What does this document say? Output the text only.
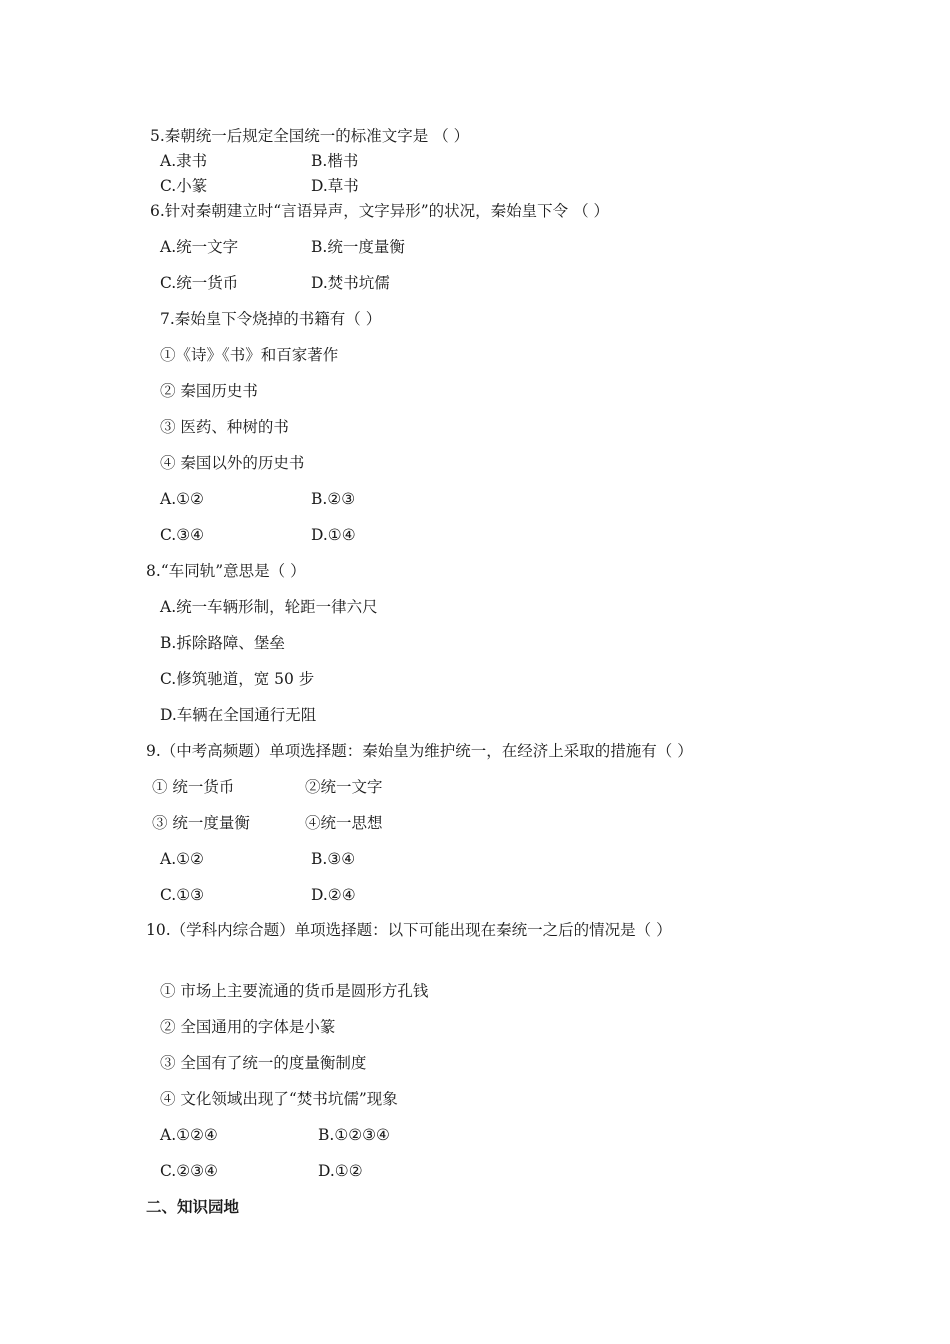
5.秦朝统一后规定全国统一的标准文字是 （ ）
A.隶书	B.楷书
C.小篆	D.草书
6.针对秦朝建立时“言语异声，文字异形”的状况，秦始皇下令 （ ）
A.统一文字	B.统一度量衡
C.统一货币	D.焚书坑儒
7.秦始皇下令烧掉的书籍有（ ）
①《诗》《书》和百家著作
② 秦国历史书
③ 医药、种树的书
④ 秦国以外的历史书
A.①②	B.②③
C.③④	D.①④
8.“车同轨”意思是（ ）
A.统一车辆形制，轮距一律六尺
B.拆除路障、堡垒
C.修筑驰道，宽 50 步
D.车辆在全国通行无阻
9.（中考高频题）单项选择题：秦始皇为维护统一，在经济上采取的措施有（ ）
① 统一货币	②统一文字
③ 统一度量衡	④统一思想
A.①②	B.③④
C.①③	D.②④
10.（学科内综合题）单项选择题：以下可能出现在秦统一之后的情况是（ ）
① 市场上主要流通的货币是圆形方孔钱
② 全国通用的字体是小篆
③ 全国有了统一的度量衡制度
④ 文化领域出现了“焚书坑儒”现象
A.①②④	B.①②③④
C.②③④	D.①②
二、知识园地
